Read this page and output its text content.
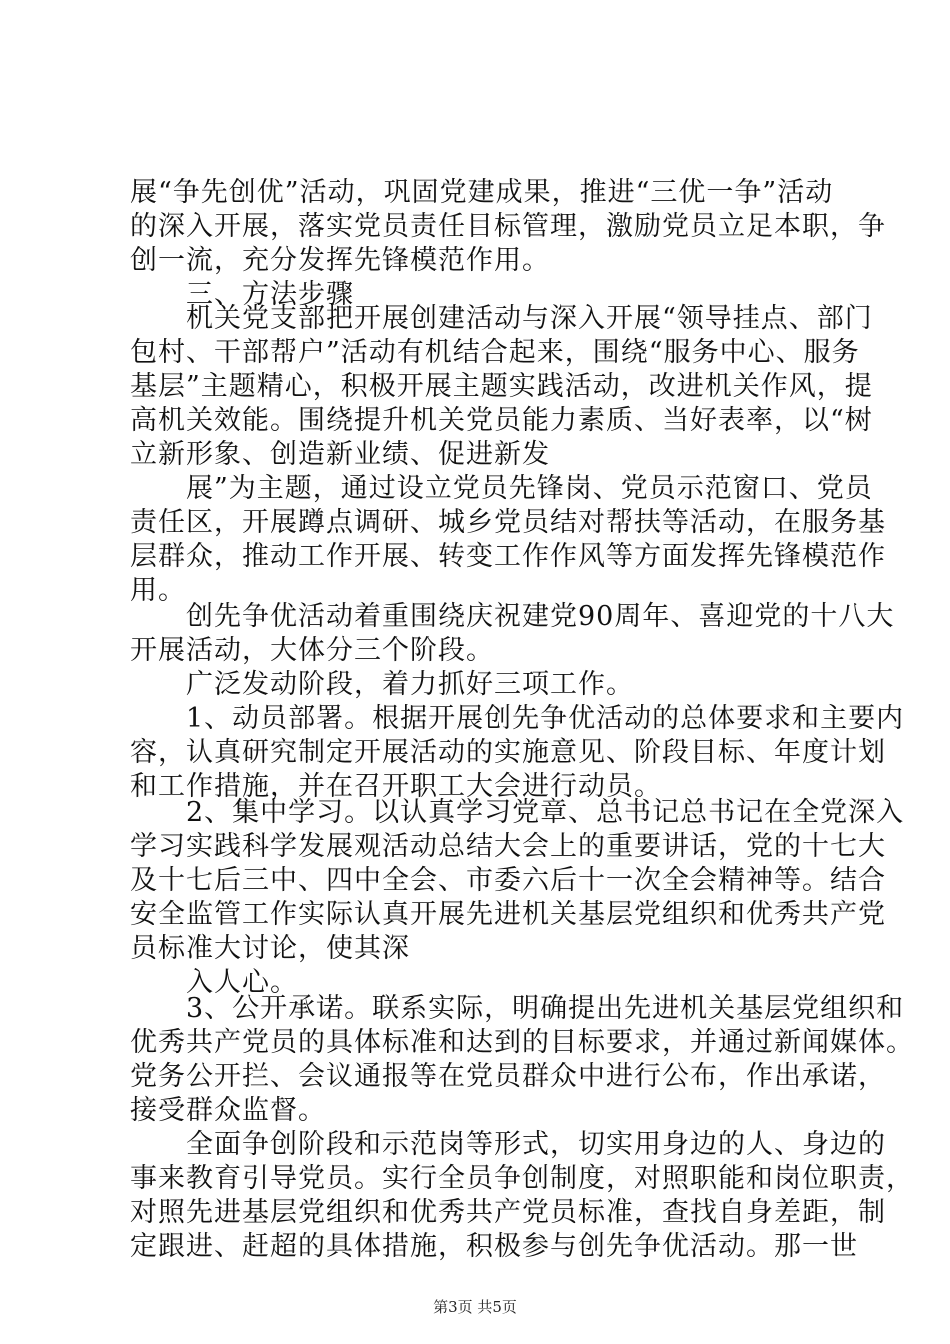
展“争先创优”活动，巩固党建成果，推进“三优一争”活动
的深入开展，落实党员责任目标管理，激励党员立足本职，争
创一流，充分发挥先锋模范作用。
　　三、方法步骤
　　机关党支部把开展创建活动与深入开展“领导挂点、部门
包村、干部帮户”活动有机结合起来，围绕“服务中心、服务
基层”主题精心，积极开展主题实践活动，改进机关作风，提
高机关效能。围绕提升机关党员能力素质、当好表率，以“树
立新形象、创造新业绩、促进新发
　　展”为主题，通过设立党员先锋岗、党员示范窗口、党员
责任区，开展蹲点调研、城乡党员结对帮扶等活动，在服务基
层群众，推动工作开展、转变工作作风等方面发挥先锋模范作
用。
　　创先争优活动着重围绕庆祝建党90周年、喜迎党的十八大
开展活动，大体分三个阶段。
　　广泛发动阶段，着力抓好三项工作。
　　1、动员部署。根据开展创先争优活动的总体要求和主要内
容，认真研究制定开展活动的实施意见、阶段目标、年度计划
和工作措施，并在召开职工大会进行动员。
　　2、集中学习。以认真学习党章、总书记总书记在全党深入
学习实践科学发展观活动总结大会上的重要讲话，党的十七大
及十七后三中、四中全会、市委六后十一次全会精神等。结合
安全监管工作实际认真开展先进机关基层党组织和优秀共产党
员标准大讨论，使其深
　　入人心。
　　3、公开承诺。联系实际，明确提出先进机关基层党组织和
优秀共产党员的具体标准和达到的目标要求，并通过新闻媒体。
党务公开拦、会议通报等在党员群众中进行公布，作出承诺，
接受群众监督。
　　全面争创阶段和示范岗等形式，切实用身边的人、身边的
事来教育引导党员。实行全员争创制度，对照职能和岗位职责，
对照先进基层党组织和优秀共产党员标准，查找自身差距，制
定跟进、赶超的具体措施，积极参与创先争优活动。那一世
第3页 共5页
